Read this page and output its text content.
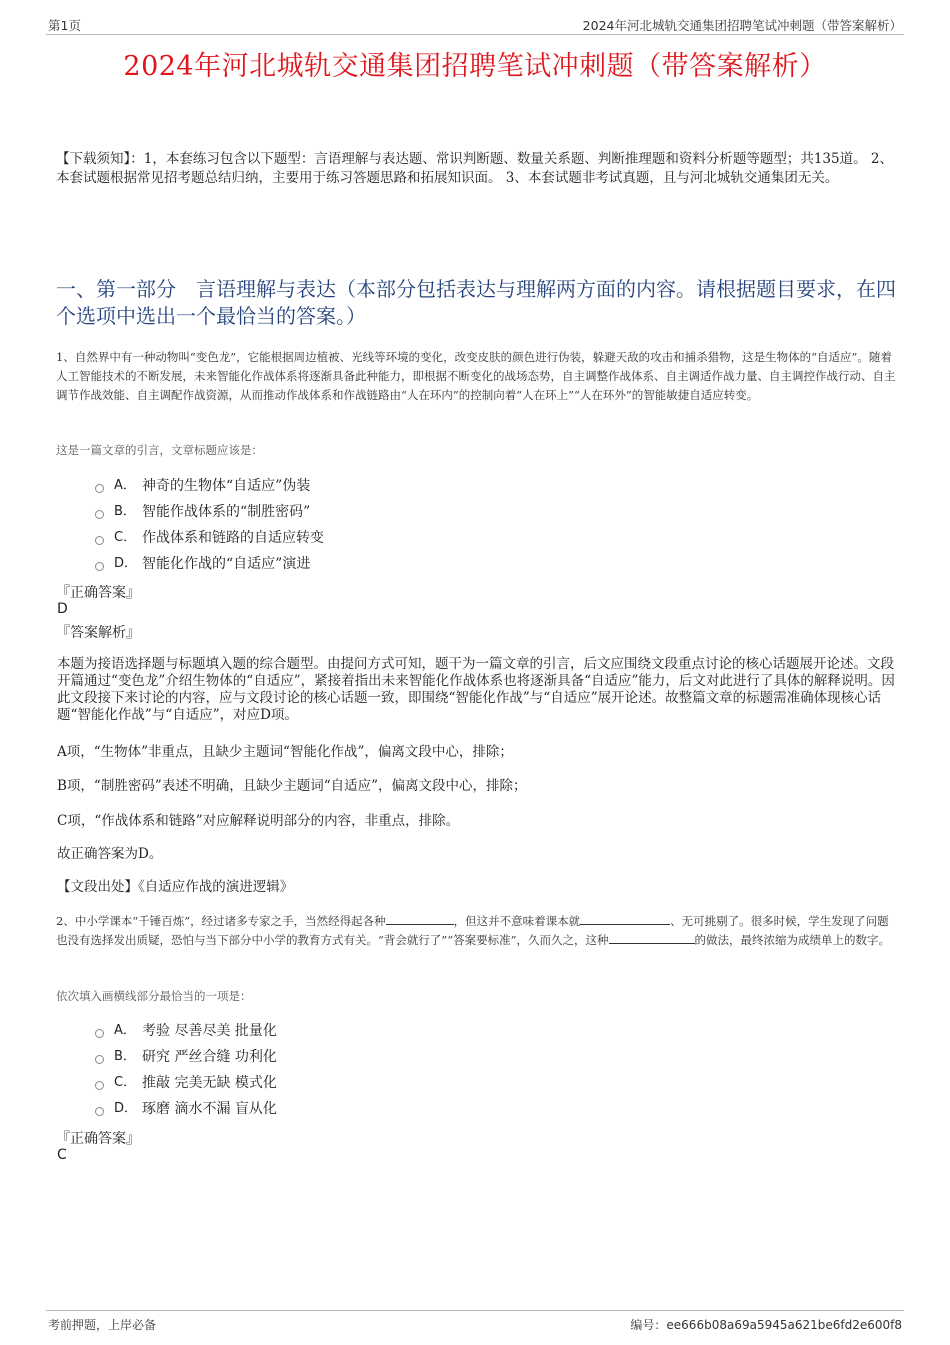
第1页	2024年河北城轨交通集团招聘笔试冲刺题（带答案解析）
2024年河北城轨交通集团招聘笔试冲刺题（带答案解析）
【下载须知】：1，本套练习包含以下题型：言语理解与表达题、常识判断题、数量关系题、判断推理题和资料分析题等题型；共135道。 2、本套试题根据常见招考题总结归纳，主要用于练习答题思路和拓展知识面。 3、本套试题非考试真题，且与河北城轨交通集团无关。
一、第一部分　言语理解与表达（本部分包括表达与理解两方面的内容。请根据题目要求，在四个选项中选出一个最恰当的答案。）
1、自然界中有一种动物叫“变色龙”，它能根据周边植被、光线等环境的变化，改变皮肤的颜色进行伪装，躲避天敌的攻击和捕杀猎物，这是生物体的“自适应”。随着人工智能技术的不断发展，未来智能化作战体系将逐渐具备此种能力，即根据不断变化的战场态势，自主调整作战体系、自主调适作战力量、自主调控作战行动、自主调节作战效能、自主调配作战资源，从而推动作战体系和作战链路由“人在环内”的控制向着“人在环上”“人在环外”的智能敏捷自适应转变。
这是一篇文章的引言，文章标题应该是：
A． 神奇的生物体“自适应”伪装
B． 智能作战体系的“制胜密码”
C． 作战体系和链路的自适应转变
D． 智能化作战的“自适应”演进
『正确答案』
D
『答案解析』
本题为接语选择题与标题填入题的综合题型。由提问方式可知，题干为一篇文章的引言，后文应围绕文段重点讨论的核心话题展开论述。文段开篇通过“变色龙”介绍生物体的“自适应”，紧接着指出未来智能化作战体系也将逐渐具备“自适应”能力，后文对此进行了具体的解释说明。因此文段接下来讨论的内容，应与文段讨论的核心话题一致，即围绕“智能化作战”与“自适应”展开论述。故整篇文章的标题需准确体现核心话题“智能化作战”与“自适应”，对应D项。
A项，“生物体”非重点，且缺少主题词“智能化作战”，偏离文段中心，排除；
B项，“制胜密码”表述不明确，且缺少主题词“自适应”，偏离文段中心，排除；
C项，“作战体系和链路”对应解释说明部分的内容，非重点，排除。
故正确答案为D。
【文段出处】《自适应作战的演进逻辑》
2、中小学课本“千锤百炼”，经过诸多专家之手，当然经得起各种	，但这并不意味着课本就	、无可挑剔了。很多时候，学生发现了问题也没有选择发出质疑，恐怕与当下部分中小学的教育方式有关。“背会就行了”“答案要标准”，久而久之，这种	的做法，最终浓缩为成绩单上的数字。
依次填入画横线部分最恰当的一项是：
A． 考验 尽善尽美 批量化
B． 研究 严丝合缝 功利化
C． 推敲 完美无缺 模式化
D． 琢磨 滴水不漏 盲从化
『正确答案』
C
考前押题，上岸必备	编号：ee666b08a69a5945a621be6fd2e600f8
